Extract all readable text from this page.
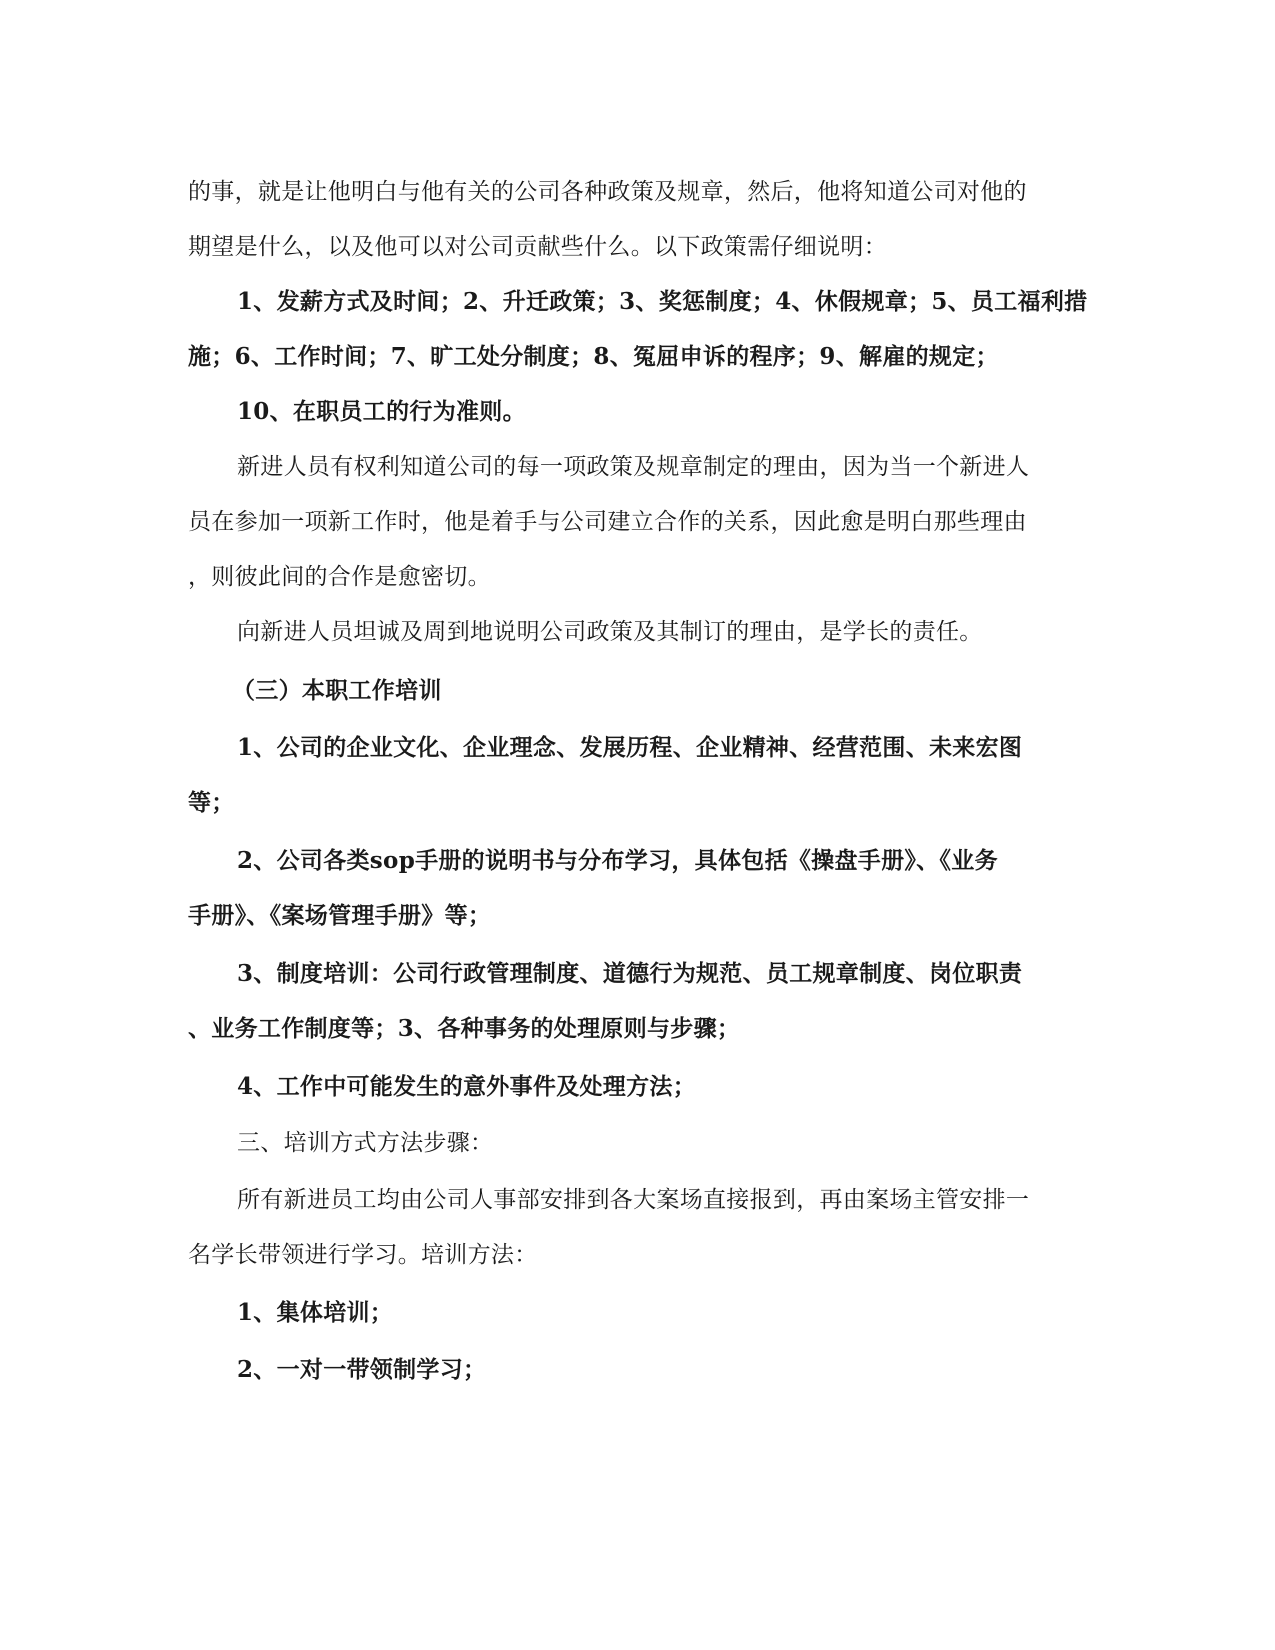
的事，就是让他明白与他有关的公司各种政策及规章，然后，他将知道公司对他的
期望是什么，以及他可以对公司贡献些什么。以下政策需仔细说明：
1、发薪方式及时间；2、升迁政策；3、奖惩制度；4、休假规章；5、员工福利措
施；6、工作时间；7、旷工处分制度；8、冤屈申诉的程序；9、解雇的规定；
10、在职员工的行为准则。
新进人员有权利知道公司的每一项政策及规章制定的理由，因为当一个新进人
员在参加一项新工作时，他是着手与公司建立合作的关系，因此愈是明白那些理由
，则彼此间的合作是愈密切。
向新进人员坦诚及周到地说明公司政策及其制订的理由，是学长的责任。
（三）本职工作培训
1、公司的企业文化、企业理念、发展历程、企业精神、经营范围、未来宏图
等；
2、公司各类sop手册的说明书与分布学习，具体包括《操盘手册》、《业务
手册》、《案场管理手册》等；
3、制度培训：公司行政管理制度、道德行为规范、员工规章制度、岗位职责
、业务工作制度等；3、各种事务的处理原则与步骤；
4、工作中可能发生的意外事件及处理方法；
三、培训方式方法步骤：
所有新进员工均由公司人事部安排到各大案场直接报到，再由案场主管安排一
名学长带领进行学习。培训方法：
1、集体培训；
2、一对一带领制学习；
